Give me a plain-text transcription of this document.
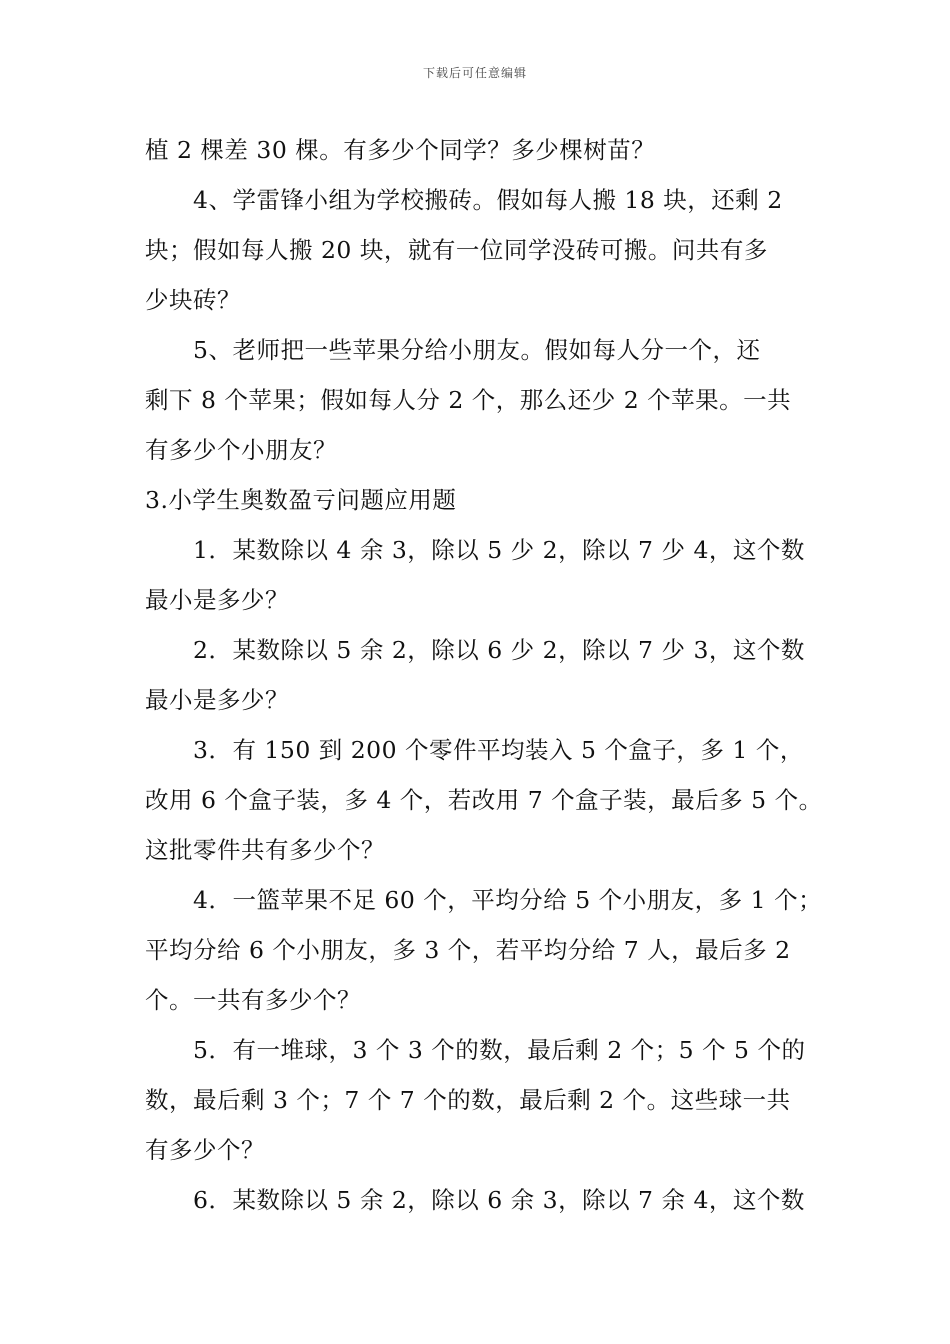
下载后可任意编辑
植 2 棵差 30 棵。有多少个同学？多少棵树苗？
4、学雷锋小组为学校搬砖。假如每人搬 18 块，还剩 2
块；假如每人搬 20 块，就有一位同学没砖可搬。问共有多
少块砖？
5、老师把一些苹果分给小朋友。假如每人分一个，还
剩下 8 个苹果；假如每人分 2 个，那么还少 2 个苹果。一共
有多少个小朋友？
3.小学生奥数盈亏问题应用题
1．某数除以 4 余 3，除以 5 少 2，除以 7 少 4，这个数
最小是多少？
2．某数除以 5 余 2，除以 6 少 2，除以 7 少 3，这个数
最小是多少？
3．有 150 到 200 个零件平均装入 5 个盒子，多 1 个，
改用 6 个盒子装，多 4 个，若改用 7 个盒子装，最后多 5 个。
这批零件共有多少个？
4．一篮苹果不足 60 个，平均分给 5 个小朋友，多 1 个；
平均分给 6 个小朋友，多 3 个，若平均分给 7 人，最后多 2
个。一共有多少个？
5．有一堆球，3 个 3 个的数，最后剩 2 个；5 个 5 个的
数，最后剩 3 个；7 个 7 个的数，最后剩 2 个。这些球一共
有多少个？
6．某数除以 5 余 2，除以 6 余 3，除以 7 余 4，这个数
